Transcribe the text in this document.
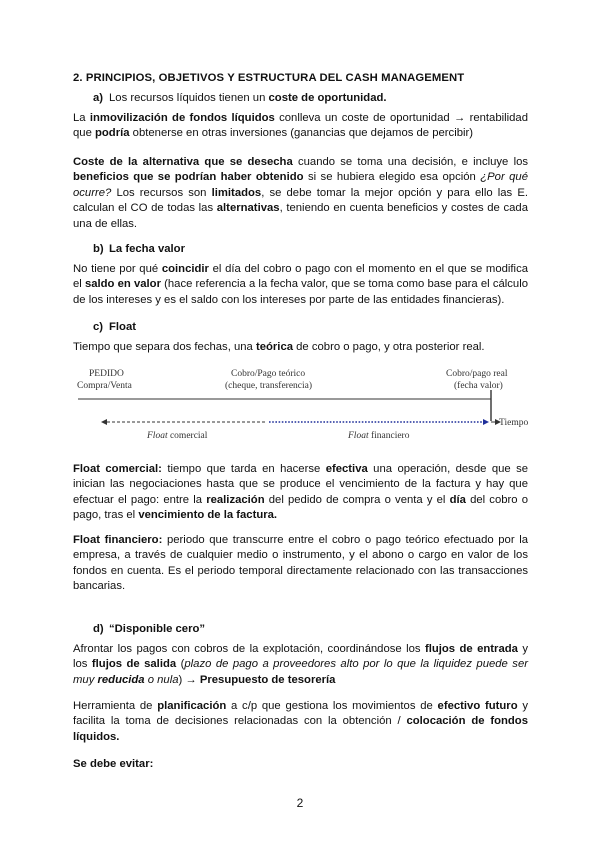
2. PRINCIPIOS, OBJETIVOS Y ESTRUCTURA DEL CASH MANAGEMENT

a) Los recursos líquidos tienen un coste de oportunidad.

La inmovilización de fondos líquidos conlleva un coste de oportunidad → rentabilidad que podría obtenerse en otras inversiones (ganancias que dejamos de percibir)

Coste de la alternativa que se desecha cuando se toma una decisión, e incluye los beneficios que se podrían haber obtenido si se hubiera elegido esa opción ¿Por qué ocurre? Los recursos son limitados, se debe tomar la mejor opción y para ello las E. calculan el CO de todas las alternativas, teniendo en cuenta beneficios y costes de cada una de ellas.

b) La fecha valor

No tiene por qué coincidir el día del cobro o pago con el momento en el que se modifica el saldo en valor (hace referencia a la fecha valor, que se toma como base para el cálculo de los intereses y es el saldo con los intereses por parte de las entidades financieras).

c) Float

Tiempo que separa dos fechas, una teórica de cobro o pago, y otra posterior real.

PEDIDO
Compra/Venta
Cobro/Pago teórico
(cheque, transferencia)
Cobro/pago real
(fecha valor)
Tiempo
Float comercial	Float financiero

Float comercial: tiempo que tarda en hacerse efectiva una operación, desde que se inician las negociaciones hasta que se produce el vencimiento de la factura y hay que efectuar el pago: entre la realización del pedido de compra o venta y el día del cobro o pago, tras el vencimiento de la factura.

Float financiero: periodo que transcurre entre el cobro o pago teórico efectuado por la empresa, a través de cualquier medio o instrumento, y el abono o cargo en valor de los fondos en cuenta. Es el periodo temporal directamente relacionado con las transacciones bancarias.

d) “Disponible cero”

Afrontar los pagos con cobros de la explotación, coordinándose los flujos de entrada y los flujos de salida (plazo de pago a proveedores alto por lo que la liquidez puede ser muy reducida o nula) → Presupuesto de tesorería

Herramienta de planificación a c/p que gestiona los movimientos de efectivo futuro y facilita la toma de decisiones relacionadas con la obtención / colocación de fondos líquidos.

Se debe evitar:

2
